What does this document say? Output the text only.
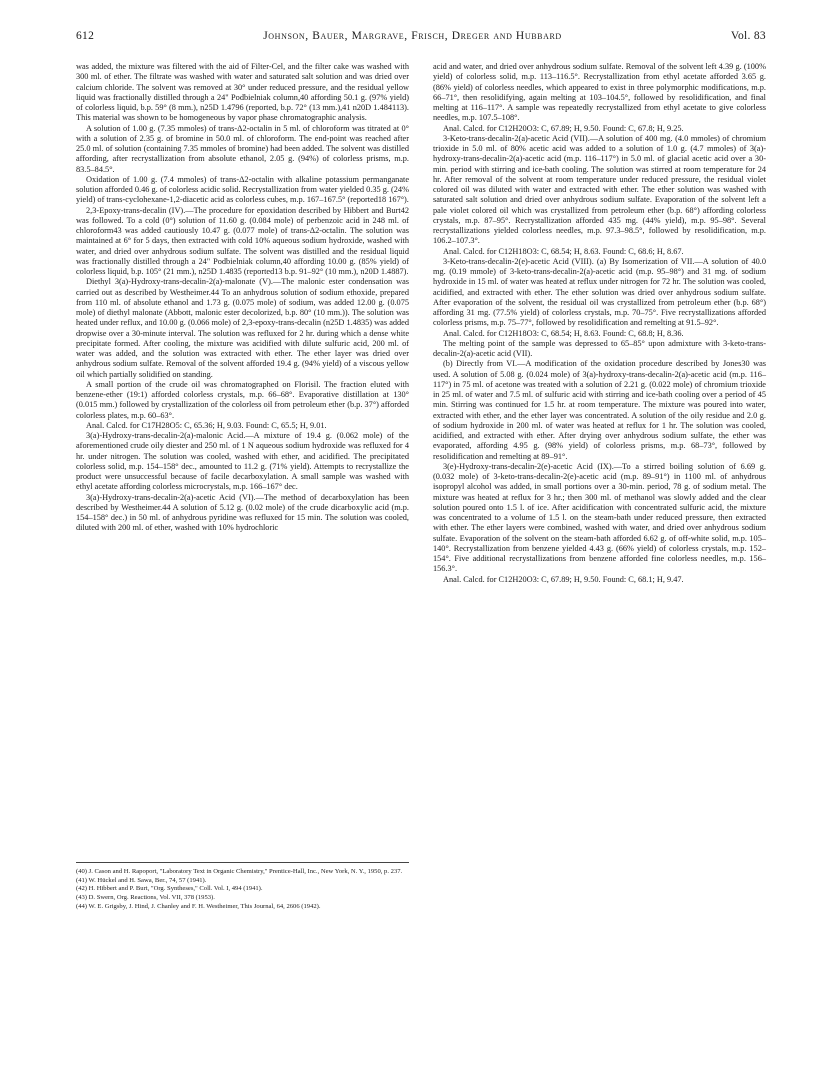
612	Johnson, Bauer, Margrave, Frisch, Dreger and Hubbard	Vol. 83

was added, the mixture was filtered with the aid of Filter-Cel, and the filter cake was washed with 300 ml. of ether. The filtrate was washed with water and saturated salt solution and was dried over calcium chloride. The solvent was removed at 30° under reduced pressure, and the residual yellow liquid was fractionally distilled through a 24" Podbielniak column,40 affording 50.1 g. (97% yield) of colorless liquid, b.p. 59° (8 mm.), n25D 1.4796 (reported, b.p. 72° (13 mm.),41 n20D 1.484113). This material was shown to be homogeneous by vapor phase chromatographic analysis.

A solution of 1.00 g. (7.35 mmoles) of trans-Δ2-octalin in 5 ml. of chloroform was titrated at 0° with a solution of 2.35 g. of bromine in 50.0 ml. of chloroform. The end-point was reached after 25.0 ml. of solution (containing 7.35 mmoles of bromine) had been added. The solvent was distilled affording, after recrystallization from absolute ethanol, 2.05 g. (94%) of colorless prisms, m.p. 83.5–84.5°.

Oxidation of 1.00 g. (7.4 mmoles) of trans-Δ2-octalin with alkaline potassium permanganate solution afforded 0.46 g. of colorless acidic solid. Recrystallization from water yielded 0.35 g. (24% yield) of trans-cyclohexane-1,2-diacetic acid as colorless cubes, m.p. 167–167.5° (reported18 167°).

2,3-Epoxy-trans-decalin (IV).—The procedure for epoxidation described by Hibbert and Burt42 was followed. To a cold (0°) solution of 11.60 g. (0.084 mole) of perbenzoic acid in 248 ml. of chloroform43 was added cautiously 10.47 g. (0.077 mole) of trans-Δ2-octalin. The solution was maintained at 6° for 5 days, then extracted with cold 10% aqueous sodium hydroxide, washed with water, and dried over anhydrous sodium sulfate. The solvent was distilled and the residual liquid was fractionally distilled through a 24" Podbielniak column,40 affording 10.00 g. (85% yield) of colorless liquid, b.p. 105° (21 mm.), n25D 1.4835 (reported13 b.p. 91–92° (10 mm.), n20D 1.4887).

Diethyl 3(a)-Hydroxy-trans-decalin-2(a)-malonate (V).—The malonic ester condensation was carried out as described by Westheimer.44 To an anhydrous solution of sodium ethoxide, prepared from 110 ml. of absolute ethanol and 1.73 g. (0.075 mole) of sodium, was added 12.00 g. (0.075 mole) of diethyl malonate (Abbott, malonic ester decolorized, b.p. 80° (10 mm.)). The solution was heated under reflux, and 10.00 g. (0.066 mole) of 2,3-epoxy-trans-decalin (n25D 1.4835) was added dropwise over a 30-minute interval. The solution was refluxed for 2 hr. during which a dense white precipitate formed. After cooling, the mixture was acidified with dilute sulfuric acid, 200 ml. of water was added, and the solution was extracted with ether. The ether layer was dried over anhydrous sodium sulfate. Removal of the solvent afforded 19.4 g. (94% yield) of a viscous yellow oil which partially solidified on standing.

A small portion of the crude oil was chromatographed on Florisil. The fraction eluted with benzene-ether (19:1) afforded colorless crystals, m.p. 66–68°. Evaporative distillation at 130° (0.015 mm.) followed by crystallization of the colorless oil from petroleum ether (b.p. 37°) afforded colorless plates, m.p. 60–63°.

Anal. Calcd. for C17H28O5: C, 65.36; H, 9.03. Found: C, 65.5; H, 9.01.

3(a)-Hydroxy-trans-decalin-2(a)-malonic Acid.—A mixture of 19.4 g. (0.062 mole) of the aforementioned crude oily diester and 250 ml. of 1 N aqueous sodium hydroxide was refluxed for 4 hr. under nitrogen. The solution was cooled, washed with ether, and acidified. The precipitated colorless solid, m.p. 154–158° dec., amounted to 11.2 g. (71% yield). Attempts to recrystallize the product were unsuccessful because of facile decarboxylation. A small sample was washed with ethyl acetate affording colorless microcrystals, m.p. 166–167° dec.

3(a)-Hydroxy-trans-decalin-2(a)-acetic Acid (VI).—The method of decarboxylation has been described by Westheimer.44 A solution of 5.12 g. (0.02 mole) of the crude dicarboxylic acid (m.p. 154–158° dec.) in 50 ml. of anhydrous pyridine was refluxed for 15 min. The solution was cooled, diluted with 200 ml. of ether, washed with 10% hydrochloric

(40) J. Cason and H. Rapoport, "Laboratory Text in Organic Chemistry," Prentice-Hall, Inc., New York, N. Y., 1950, p. 237.

(41) W. Hückel and H. Sawa, Ber., 74, 57 (1941).

(42) H. Hibbert and P. Burt, "Org. Syntheses," Coll. Vol. I, 494 (1941).

(43) D. Swern, Org. Reactions, Vol. VII, 378 (1953).

(44) W. E. Grigsby, J. Hind, J. Chanley and F. H. Westheimer, This Journal, 64, 2606 (1942).

acid and water, and dried over anhydrous sodium sulfate. Removal of the solvent left 4.39 g. (100% yield) of colorless solid, m.p. 113–116.5°. Recrystallization from ethyl acetate afforded 3.65 g. (86% yield) of colorless needles, which appeared to exist in three polymorphic modifications, m.p. 66–71°, then resolidifying, again melting at 103–104.5°, followed by resolidification, and final melting at 116–117°. A sample was repeatedly recrystallized from ethyl acetate to give colorless needles, m.p. 107.5–108°.

Anal. Calcd. for C12H20O3: C, 67.89; H, 9.50. Found: C, 67.8; H, 9.25.

3-Keto-trans-decalin-2(a)-acetic Acid (VII).—A solution of 400 mg. (4.0 mmoles) of chromium trioxide in 5.0 ml. of 80% acetic acid was added to a solution of 1.0 g. (4.7 mmoles) of 3(a)-hydroxy-trans-decalin-2(a)-acetic acid (m.p. 116–117°) in 5.0 ml. of glacial acetic acid over a 30-min. period with stirring and ice-bath cooling. The solution was stirred at room temperature for 24 hr. After removal of the solvent at room temperature under reduced pressure, the residual violet colored oil was diluted with water and extracted with ether. The ether solution was washed with saturated salt solution and dried over anhydrous sodium sulfate. Evaporation of the solvent left a pale violet colored oil which was crystallized from petroleum ether (b.p. 68°) affording colorless crystals, m.p. 87–95°. Recrystallization afforded 435 mg. (44% yield), m.p. 95–98°. Several recrystallizations yielded colorless needles, m.p. 97.3–98.5°, followed by resolidification, m.p. 106.2–107.3°.

Anal. Calcd. for C12H18O3: C, 68.54; H, 8.63. Found: C, 68.6; H, 8.67.

3-Keto-trans-decalin-2(e)-acetic Acid (VIII). (a) By Isomerization of VII.—A solution of 40.0 mg. (0.19 mmole) of 3-keto-trans-decalin-2(a)-acetic acid (m.p. 95–98°) and 31 mg. of sodium hydroxide in 15 ml. of water was heated at reflux under nitrogen for 72 hr. The solution was cooled, acidified, and extracted with ether. The ether solution was dried over anhydrous sodium sulfate. After evaporation of the solvent, the residual oil was crystallized from petroleum ether (b.p. 68°) affording 31 mg. (77.5% yield) of colorless crystals, m.p. 70–75°. Five recrystallizations afforded colorless prisms, m.p. 75–77°, followed by resolidification and remelting at 91.5–92°.

Anal. Calcd. for C12H18O3: C, 68.54; H, 8.63. Found: C, 68.8; H, 8.36.

The melting point of the sample was depressed to 65–85° upon admixture with 3-keto-trans-decalin-2(a)-acetic acid (VII).

(b) Directly from VI.—A modification of the oxidation procedure described by Jones30 was used. A solution of 5.08 g. (0.024 mole) of 3(a)-hydroxy-trans-decalin-2(a)-acetic acid (m.p. 116–117°) in 75 ml. of acetone was treated with a solution of 2.21 g. (0.022 mole) of chromium trioxide in 25 ml. of water and 7.5 ml. of sulfuric acid with stirring and ice-bath cooling over a period of 45 min. Stirring was continued for 1.5 hr. at room temperature. The mixture was poured into water, extracted with ether, and the ether layer was concentrated. A solution of the oily residue and 2.0 g. of sodium hydroxide in 200 ml. of water was heated at reflux for 1 hr. The solution was cooled, acidified, and extracted with ether. After drying over anhydrous sodium sulfate, the ether was evaporated, affording 4.95 g. (98% yield) of colorless prisms, m.p. 68–73°, followed by resolidification and remelting at 89–91°.

3(e)-Hydroxy-trans-decalin-2(e)-acetic Acid (IX).—To a stirred boiling solution of 6.69 g. (0.032 mole) of 3-keto-trans-decalin-2(e)-acetic acid (m.p. 89–91°) in 1100 ml. of anhydrous isopropyl alcohol was added, in small portions over a 30-min. period, 78 g. of sodium metal. The mixture was heated at reflux for 3 hr.; then 300 ml. of methanol was slowly added and the clear solution poured onto 1.5 l. of ice. After acidification with concentrated sulfuric acid, the mixture was concentrated to a volume of 1.5 l. on the steam-bath under reduced pressure, then extracted with ether. The ether layers were combined, washed with water, and dried over anhydrous sodium sulfate. Evaporation of the solvent on the steam-bath afforded 6.62 g. of off-white solid, m.p. 105–140°. Recrystallization from benzene yielded 4.43 g. (66% yield) of colorless crystals, m.p. 152–154°. Five additional recrystallizations from benzene afforded fine colorless needles, m.p. 156–156.3°.

Anal. Calcd. for C12H20O3: C, 67.89; H, 9.50. Found: C, 68.1; H, 9.47.
